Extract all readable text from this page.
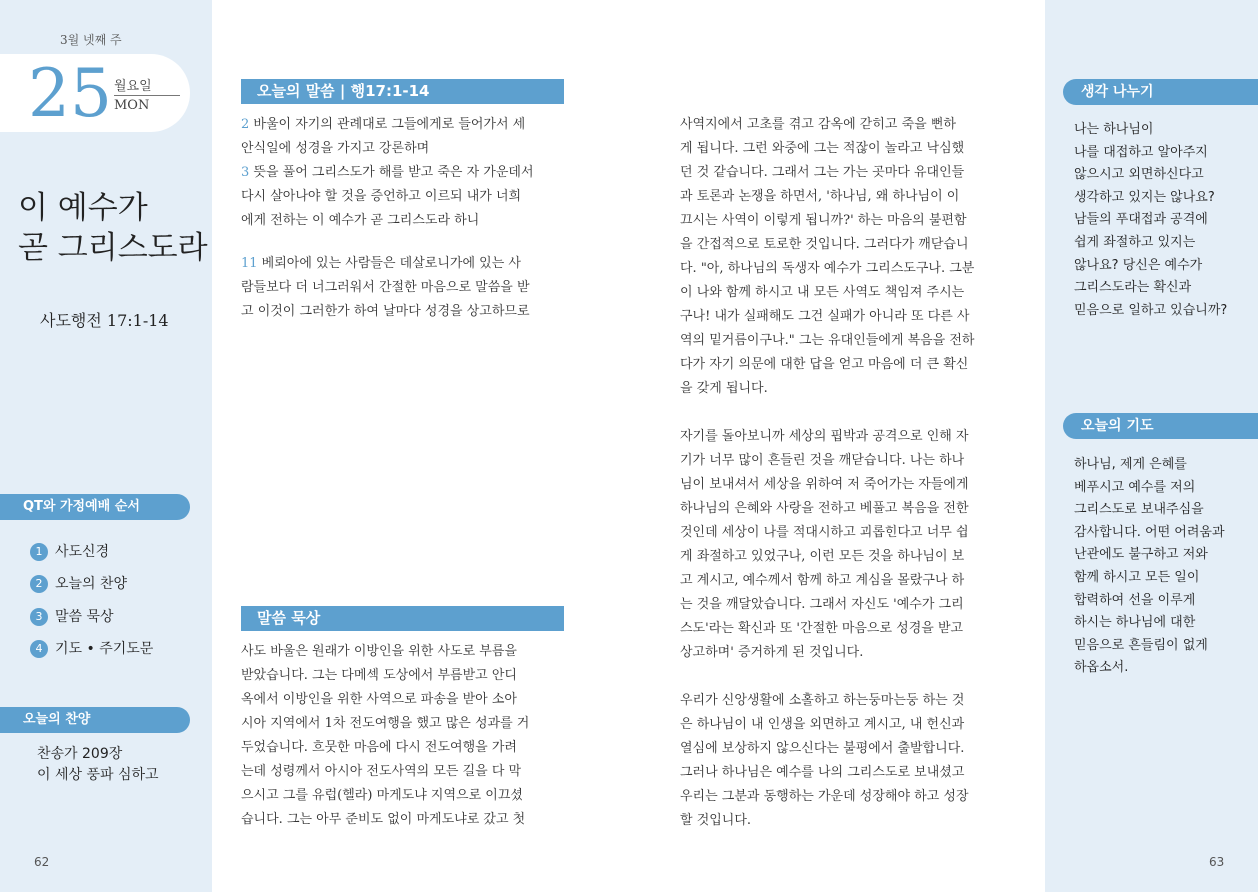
3월 넷째 주
25 월요일
MON
이 예수가
곧 그리스도라
사도행전 17:1-14
QT와 가정예배 순서
1 사도신경
2 오늘의 찬양
3 말씀 묵상
4 기도 • 주기도문
오늘의 찬양
찬송가 209장
이 세상 풍파 심하고
62
오늘의 말씀 | 행17:1-14

2 바울이 자기의 관례대로 그들에게로 들어가서 세

안식일에 성경을 가지고 강론하며

3 뜻을 풀어 그리스도가 해를 받고 죽은 자 가운데서

다시 살아나야 할 것을 증언하고 이르되 내가 너희

에게 전하는 이 예수가 곧 그리스도라 하니

11 베뢰아에 있는 사람들은 데살로니가에 있는 사

람들보다 더 너그러워서 간절한 마음으로 말씀을 받

고 이것이 그러한가 하여 날마다 성경을 상고하므로

말씀 묵상

사도 바울은 원래가 이방인을 위한 사도로 부름을

받았습니다. 그는 다메섹 도상에서 부름받고 안디

옥에서 이방인을 위한 사역으로 파송을 받아 소아

시아 지역에서 1차 전도여행을 했고 많은 성과를 거

두었습니다. 흐뭇한 마음에 다시 전도여행을 가려

는데 성령께서 아시아 전도사역의 모든 길을 다 막

으시고 그를 유럽(헬라) 마게도냐 지역으로 이끄셨

습니다. 그는 아무 준비도 없이 마게도냐로 갔고 첫

사역지에서 고초를 겪고 감옥에 갇히고 죽을 뻔하

게 됩니다. 그런 와중에 그는 적잖이 놀라고 낙심했

던 것 같습니다. 그래서 그는 가는 곳마다 유대인들

과 토론과 논쟁을 하면서, '하나님, 왜 하나님이 이

끄시는 사역이 이렇게 됩니까?' 하는 마음의 불편함

을 간접적으로 토로한 것입니다. 그러다가 깨닫습니

다. "아, 하나님의 독생자 예수가 그리스도구나. 그분

이 나와 함께 하시고 내 모든 사역도 책임져 주시는

구나! 내가 실패해도 그건 실패가 아니라 또 다른 사

역의 밑거름이구나." 그는 유대인들에게 복음을 전하

다가 자기 의문에 대한 답을 얻고 마음에 더 큰 확신

을 갖게 됩니다.

자기를 돌아보니까 세상의 핍박과 공격으로 인해 자

기가 너무 많이 흔들린 것을 깨닫습니다. 나는 하나

님이 보내셔서 세상을 위하여 저 죽어가는 자들에게

하나님의 은혜와 사랑을 전하고 베풀고 복음을 전한

것인데 세상이 나를 적대시하고 괴롭힌다고 너무 쉽

게 좌절하고 있었구나, 이런 모든 것을 하나님이 보

고 계시고, 예수께서 함께 하고 계심을 몰랐구나 하

는 것을 깨달았습니다. 그래서 자신도 '예수가 그리

스도'라는 확신과 또 '간절한 마음으로 성경을 받고

상고하며' 증거하게 된 것입니다.

우리가 신앙생활에 소홀하고 하는둥마는둥 하는 것

은 하나님이 내 인생을 외면하고 계시고, 내 헌신과

열심에 보상하지 않으신다는 불평에서 출발합니다.

그러나 하나님은 예수를 나의 그리스도로 보내셨고

우리는 그분과 동행하는 가운데 성장해야 하고 성장

할 것입니다.

생각 나누기

나는 하나님이

나를 대접하고 알아주지

않으시고 외면하신다고

생각하고 있지는 않나요?

남들의 푸대접과 공격에

쉽게 좌절하고 있지는

않나요? 당신은 예수가

그리스도라는 확신과

믿음으로 일하고 있습니까?

오늘의 기도

하나님, 제게 은혜를

베푸시고 예수를 저의

그리스도로 보내주심을

감사합니다. 어떤 어려움과

난관에도 불구하고 저와

함께 하시고 모든 일이

합력하여 선을 이루게

하시는 하나님에 대한

믿음으로 흔들림이 없게

하옵소서.

63
